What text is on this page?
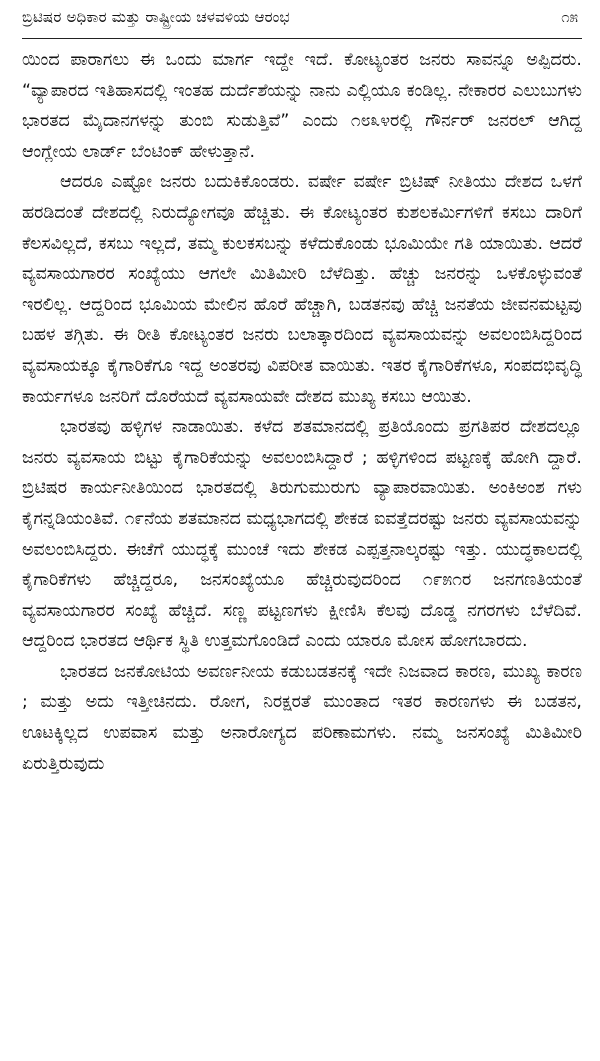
ಬ್ರಿಟಿಷರ ಅಧಿಕಾರ ಮತ್ತು ರಾಷ್ಟ್ರೀಯ ಚಳವಳಿಯ ಆರಂಭ	೧೫

ಯಿಂದ ಪಾರಾಗಲು ಈ ಒಂದು ಮಾರ್ಗ ಇದ್ದೇ ಇದೆ. ಕೋಟ್ಯಂತರ ಜನರು ಸಾವನ್ನೂ ಅಪ್ಪಿದರು. “ವ್ಯಾಪಾರದ ಇತಿಹಾಸದಲ್ಲಿ ಇಂತಹ ದುರ್ದೆಶೆಯನ್ನು ನಾನು ಎಲ್ಲಿಯೂ ಕಂಡಿಲ್ಲ. ನೇಕಾರರ ಎಲುಬುಗಳು ಭಾರತದ ಮೈದಾನಗಳನ್ನು ತುಂಬಿ ಸುಡುತ್ತಿವೆ” ಎಂದು ೧೮೩೪ರಲ್ಲಿ ಗೌರ್ನರ್ ಜನರಲ್ ಆಗಿದ್ದ ಆಂಗ್ಲೇಯ ಲಾರ್ಡ್ ಬೆಂಟಿಂಕ್ ಹೇಳುತ್ತಾನೆ.

ಆದರೂ ಎಷ್ಟೋ ಜನರು ಬದುಕಿಕೊಂಡರು. ವರ್ಷೇ ವರ್ಷೇ ಬ್ರಿಟಿಷ್ ನೀತಿಯು ದೇಶದ ಒಳಗೆ ಹರಡಿದಂತೆ ದೇಶದಲ್ಲಿ ನಿರುದ್ಯೋಗವೂ ಹೆಚ್ಚಿತು. ಈ ಕೋಟ್ಯಂತರ ಕುಶಲಕರ್ಮಿಗಳಿಗೆ ಕಸಬು ದಾರಿಗೆ ಕೆಲಸವಿಲ್ಲದೆ, ಕಸಬು ಇಲ್ಲದೆ, ತಮ್ಮ ಕುಲಕಸಬನ್ನು ಕಳೆದುಕೊಂಡು ಭೂಮಿಯೇ ಗತಿ ಯಾಯಿತು. ಆದರೆ ವ್ಯವಸಾಯಗಾರರ ಸಂಖ್ಯೆಯು ಆಗಲೇ ಮಿತಿಮೀರಿ ಬೆಳೆದಿತ್ತು. ಹೆಚ್ಚು ಜನರನ್ನು ಒಳಕೊಳ್ಳುವಂತೆ ಇರಲಿಲ್ಲ. ಆದ್ದರಿಂದ ಭೂಮಿಯ ಮೇಲಿನ ಹೊರೆ ಹೆಚ್ಚಾಗಿ, ಬಡತನವು ಹೆಚ್ಚಿ ಜನತೆಯ ಜೀವನಮಟ್ಟವು ಬಹಳ ತಗ್ಗಿತು. ಈ ರೀತಿ ಕೋಟ್ಯಂತರ ಜನರು ಬಲಾತ್ಕಾರದಿಂದ ವ್ಯವಸಾಯವನ್ನು ಅವಲಂಬಿಸಿದ್ದರಿಂದ ವ್ಯವಸಾಯಕ್ಕೂ ಕೈಗಾರಿಕೆಗೂ ಇದ್ದ ಅಂತರವು ವಿಪರೀತ ವಾಯಿತು. ಇತರ ಕೈಗಾರಿಕೆಗಳೂ, ಸಂಪದಭಿವೃದ್ಧಿ ಕಾರ್ಯಗಳೂ ಜನರಿಗೆ ದೊರೆಯದೆ ವ್ಯವಸಾಯವೇ ದೇಶದ ಮುಖ್ಯ ಕಸಬು ಆಯಿತು.

ಭಾರತವು ಹಳ್ಳಿಗಳ ನಾಡಾಯಿತು. ಕಳೆದ ಶತಮಾನದಲ್ಲಿ ಪ್ರತಿಯೊಂದು ಪ್ರಗತಿಪರ ದೇಶದಲ್ಲೂ ಜನರು ವ್ಯವಸಾಯ ಬಿಟ್ಟು ಕೈಗಾರಿಕೆಯನ್ನು ಅವಲಂಬಿಸಿದ್ದಾರೆ ; ಹಳ್ಳಿಗಳಿಂದ ಪಟ್ಟಣಕ್ಕೆ ಹೋಗಿ ದ್ದಾರೆ. ಬ್ರಿಟಿಷರ ಕಾರ್ಯನೀತಿಯಿಂದ ಭಾರತದಲ್ಲಿ ತಿರುಗುಮುರುಗು ವ್ಯಾಪಾರವಾಯಿತು. ಅಂಕಿಅಂಶ ಗಳು ಕೈಗನ್ನಡಿಯಂತಿವೆ. ೧೯ನೆಯ ಶತಮಾನದ ಮಧ್ಯಭಾಗದಲ್ಲಿ ಶೇಕಡ ಐವತ್ತೆದರಷ್ಟು ಜನರು ವ್ಯವಸಾಯವನ್ನು ಅವಲಂಬಿಸಿದ್ದರು. ಈಚೆಗೆ ಯುದ್ಧಕ್ಕೆ ಮುಂಚೆ ಇದು ಶೇಕಡ ಎಪ್ಪತ್ತನಾಲ್ಕರಷ್ಟು ಇತ್ತು. ಯುದ್ಧಕಾಲದಲ್ಲಿ ಕೈಗಾರಿಕೆಗಳು ಹೆಚ್ಚಿದ್ದರೂ, ಜನಸಂಖ್ಯೆಯೂ ಹೆಚ್ಚಿರುವುದರಿಂದ ೧೯೫೧ರ ಜನಗಣತಿಯಂತೆ ವ್ಯವಸಾಯಗಾರರ ಸಂಖ್ಯೆ ಹೆಚ್ಚಿದೆ. ಸಣ್ಣ ಪಟ್ಟಣಗಳು ಕ್ಷೀಣಿಸಿ ಕೆಲವು ದೊಡ್ಡ ನಗರಗಳು ಬೆಳೆದಿವೆ. ಆದ್ದರಿಂದ ಭಾರತದ ಆರ್ಥಿಕ ಸ್ಥಿತಿ ಉತ್ತಮಗೊಂಡಿದೆ ಎಂದು ಯಾರೂ ಮೋಸ ಹೋಗಬಾರದು.

ಭಾರತದ ಜನಕೋಟಿಯ ಅವರ್ಣನೀಯ ಕಡುಬಡತನಕ್ಕೆ ಇದೇ ನಿಜವಾದ ಕಾರಣ, ಮುಖ್ಯ ಕಾರಣ ; ಮತ್ತು ಅದು ಇತ್ತೀಚಿನದು. ರೋಗ, ನಿರಕ್ಷರತೆ ಮುಂತಾದ ಇತರ ಕಾರಣಗಳು ಈ ಬಡತನ, ಊಟಕ್ಕಿಲ್ಲದ ಉಪವಾಸ ಮತ್ತು ಅನಾರೋಗ್ಯದ ಪರಿಣಾಮಗಳು. ನಮ್ಮ ಜನಸಂಖ್ಯೆ ಮಿತಿಮೀರಿ ಏರುತ್ತಿರುವುದು
